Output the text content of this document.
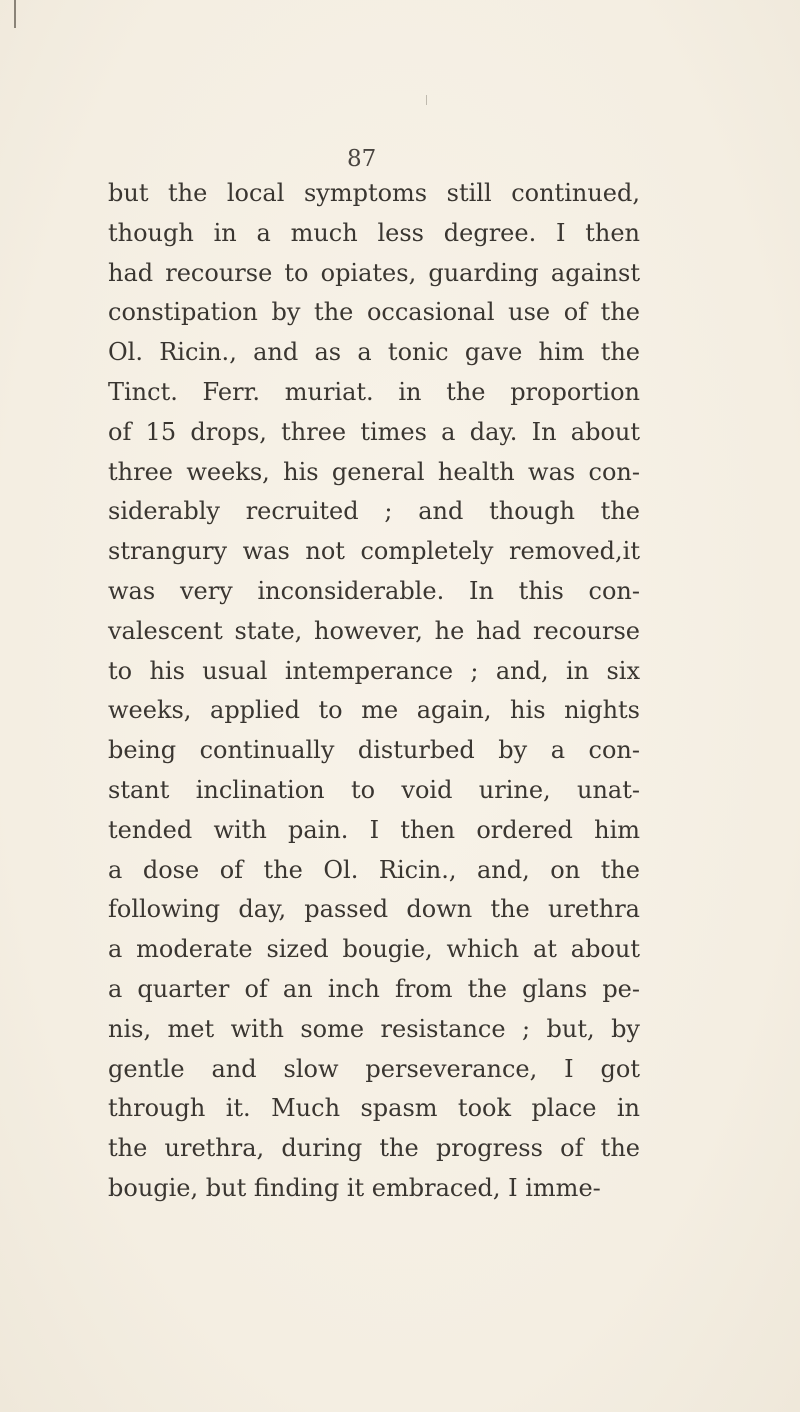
87
but the local symptoms still continued,
though in a much less degree. I then
had recourse to opiates, guarding against
constipation by the occasional use of the
Ol. Ricin., and as a tonic gave him the
Tinct. Ferr. muriat. in the proportion
of 15 drops, three times a day. In about
three weeks, his general health was con-
siderably recruited ; and though the
strangury was not completely removed,it
was very inconsiderable. In this con-
valescent state, however, he had recourse
to his usual intemperance ; and, in six
weeks, applied to me again, his nights
being continually disturbed by a con-
stant inclination to void urine, unat-
tended with pain. I then ordered him
a dose of the Ol. Ricin., and, on the
following day, passed down the urethra
a moderate sized bougie, which at about
a quarter of an inch from the glans pe-
nis, met with some resistance ; but, by
gentle and slow perseverance, I got
through it. Much spasm took place in
the urethra, during the progress of the
bougie, but finding it embraced, I imme-
